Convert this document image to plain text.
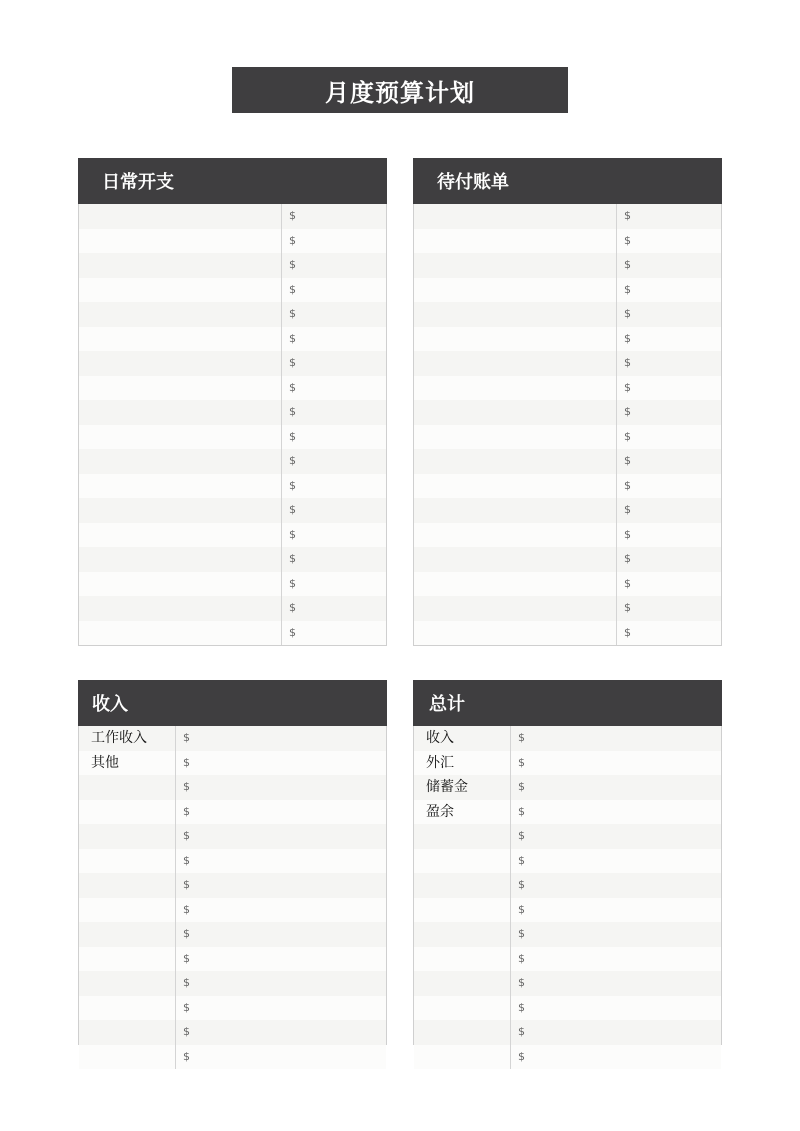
月度预算计划
日常开支
$
$
$
$
$
$
$
$
$
$
$
$
$
$
$
$
$
$
待付账单
$
$
$
$
$
$
$
$
$
$
$
$
$
$
$
$
$
$
收入
工作收入	$
其他	$
$
$
$
$
$
$
$
$
$
$
$
$
总计
收入	$
外汇	$
储蓄金	$
盈余	$
$
$
$
$
$
$
$
$
$
$
